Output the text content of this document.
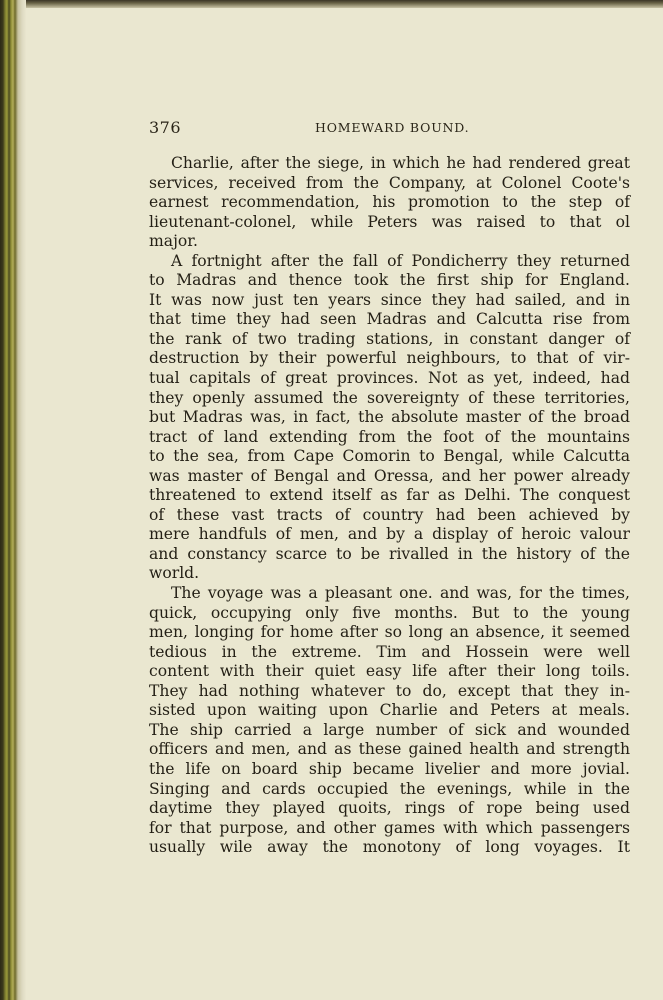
376	HOMEWARD BOUND.
Charlie, after the siege, in which he had rendered great
services, received from the Company, at Colonel Coote's
earnest recommendation, his promotion to the step of
lieutenant-colonel, while Peters was raised to that ol
major.
A fortnight after the fall of Pondicherry they returned
to Madras and thence took the first ship for England.
It was now just ten years since they had sailed, and in
that time they had seen Madras and Calcutta rise from
the rank of two trading stations, in constant danger of
destruction by their powerful neighbours, to that of vir-
tual capitals of great provinces. Not as yet, indeed, had
they openly assumed the sovereignty of these territories,
but Madras was, in fact, the absolute master of the broad
tract of land extending from the foot of the mountains
to the sea, from Cape Comorin to Bengal, while Calcutta
was master of Bengal and Oressa, and her power already
threatened to extend itself as far as Delhi. The conquest
of these vast tracts of country had been achieved by
mere handfuls of men, and by a display of heroic valour
and constancy scarce to be rivalled in the history of the
world.
The voyage was a pleasant one. and was, for the times,
quick, occupying only five months. But to the young
men, longing for home after so long an absence, it seemed
tedious in the extreme. Tim and Hossein were well
content with their quiet easy life after their long toils.
They had nothing whatever to do, except that they in-
sisted upon waiting upon Charlie and Peters at meals.
The ship carried a large number of sick and wounded
officers and men, and as these gained health and strength
the life on board ship became livelier and more jovial.
Singing and cards occupied the evenings, while in the
daytime they played quoits, rings of rope being used
for that purpose, and other games with which passengers
usually wile away the monotony of long voyages. It
